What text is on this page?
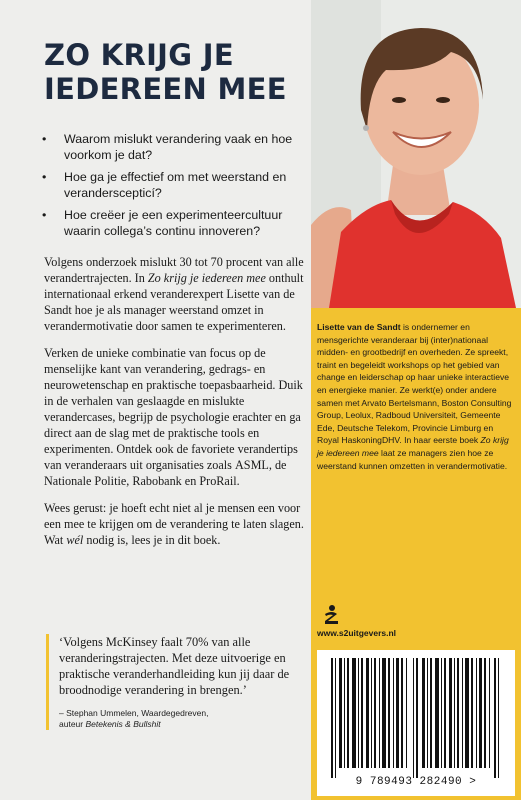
ZO KRIJG JE IEDEREEN MEE
• Waarom mislukt verandering vaak en hoe voorkom je dat?
• Hoe ga je effectief om met weerstand en veranderscepticí?
• Hoe creëer je een experimenteercultuur waarin collega’s continu innoveren?

Volgens onderzoek mislukt 30 tot 70 procent van alle verandertrajecten. In Zo krijg je iedereen mee onthult internationaal erkend veranderexpert Lisette van de Sandt hoe je als manager weerstand omzet in verandermotivatie door samen te experimenteren.

Verken de unieke combinatie van focus op de menselijke kant van verandering, gedrags- en neurowetenschap en praktische toepasbaarheid. Duik in de verhalen van geslaagde en mislukte verandercases, begrijp de psychologie erachter en ga direct aan de slag met de praktische tools en experimenten. Ontdek ook de favoriete verandertips van veranderaars uit organisaties zoals ASML, de Nationale Politie, Rabobank en ProRail.

Wees gerust: je hoeft echt niet al je mensen een voor een mee te krijgen om de verandering te laten slagen. Wat wél nodig is, lees je in dit boek.

‘Volgens McKinsey faalt 70% van alle veranderingstrajecten. Met deze uitvoerige en praktische veranderhandleiding kun jij daar de broodnodige verandering in brengen.’

– Stephan Ummelen, Waardegedreven,
auteur Betekenis & Bullshit

Lisette van de Sandt is ondernemer en mensgerichte veranderaar bij (inter)nationaal midden- en grootbedrijf en overheden. Ze spreekt, traint en begeleidt workshops op het gebied van change en leiderschap op haar unieke interactieve en energieke manier. Ze werkt(e) onder andere samen met Arvato Bertelsmann, Boston Consulting Group, Leolux, Radboud Universiteit, Gemeente Ede, Deutsche Telekom, Provincie Limburg en Royal HaskoningDHV. In haar eerste boek Zo krijg je iedereen mee laat ze managers zien hoe ze weerstand kunnen omzetten in verandermotivatie.

www.s2uitgevers.nl
9 789493 282490 >
